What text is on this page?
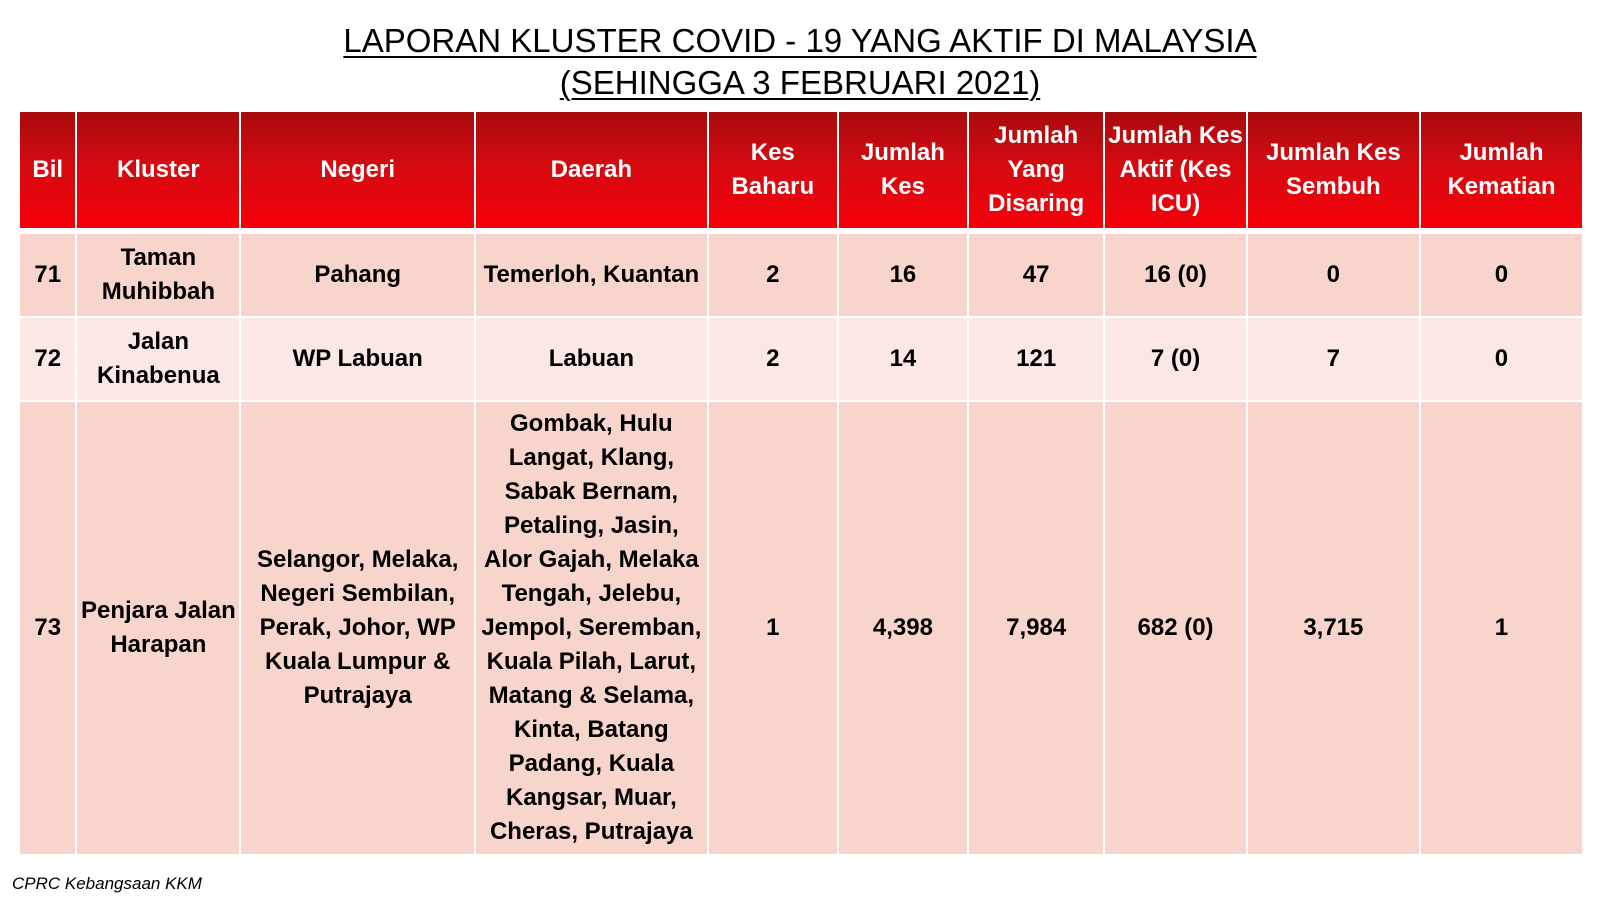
LAPORAN KLUSTER COVID - 19 YANG AKTIF DI MALAYSIA
(SEHINGGA 3 FEBRUARI 2021)
Bil	Kluster	Negeri	Daerah	Kes Baharu	Jumlah Kes	Jumlah Yang Disaring	Jumlah Kes Aktif (Kes ICU)	Jumlah Kes Sembuh	Jumlah Kematian
71	Taman Muhibbah	Pahang	Temerloh, Kuantan	2	16	47	16 (0)	0	0
72	Jalan Kinabenua	WP Labuan	Labuan	2	14	121	7 (0)	7	0
73	Penjara Jalan Harapan	Selangor, Melaka, Negeri Sembilan, Perak, Johor, WP Kuala Lumpur & Putrajaya	Gombak, Hulu Langat, Klang, Sabak Bernam, Petaling, Jasin, Alor Gajah, Melaka Tengah, Jelebu, Jempol, Seremban, Kuala Pilah, Larut, Matang & Selama, Kinta, Batang Padang, Kuala Kangsar, Muar, Cheras, Putrajaya	1	4,398	7,984	682 (0)	3,715	1
CPRC Kebangsaan KKM
